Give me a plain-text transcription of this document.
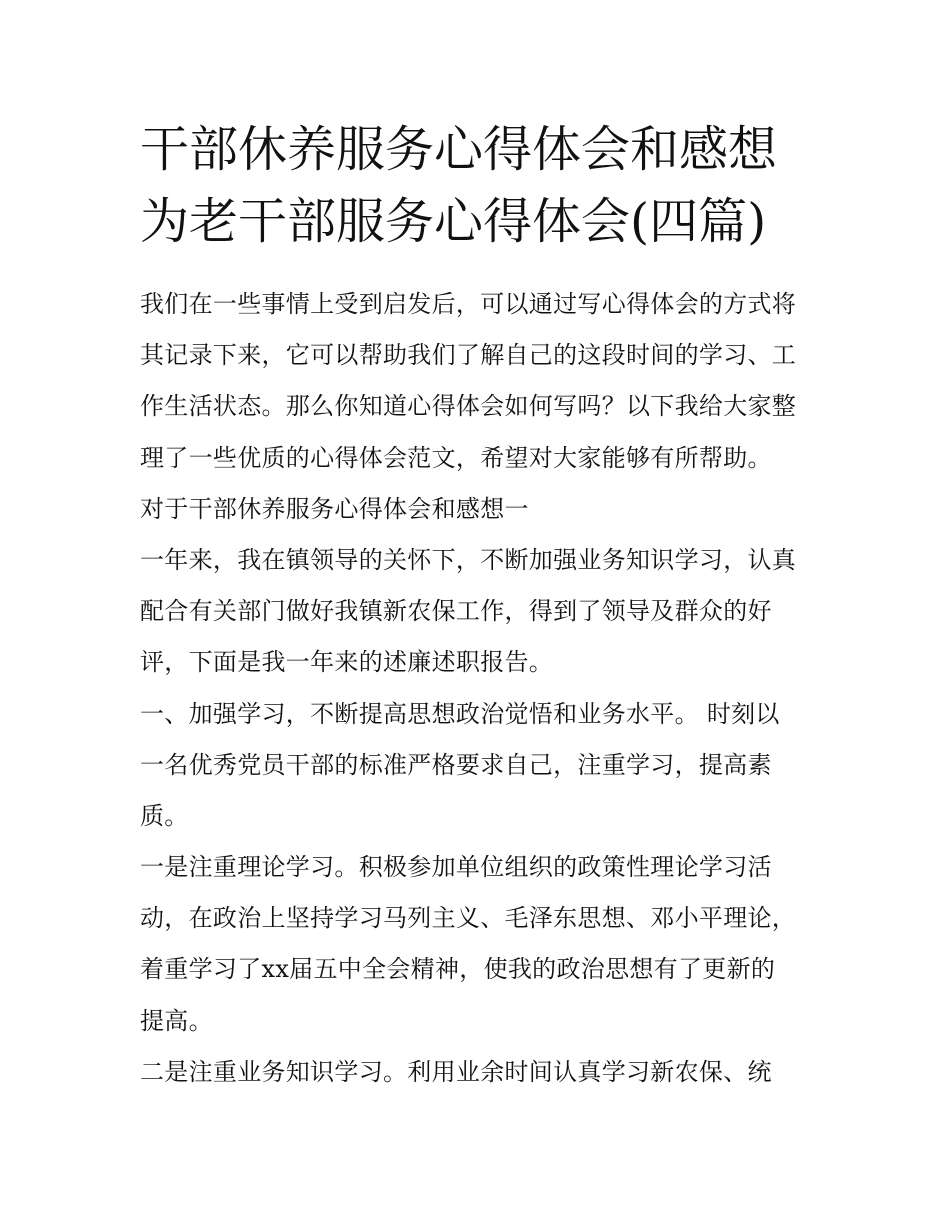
干部休养服务心得体会和感想
为老干部服务心得体会(四篇)
我们在一些事情上受到启发后，可以通过写心得体会的方式将
其记录下来，它可以帮助我们了解自己的这段时间的学习、工
作生活状态。那么你知道心得体会如何写吗？以下我给大家整
理了一些优质的心得体会范文，希望对大家能够有所帮助。
对于干部休养服务心得体会和感想一
一年来，我在镇领导的关怀下，不断加强业务知识学习，认真
配合有关部门做好我镇新农保工作，得到了领导及群众的好
评，下面是我一年来的述廉述职报告。
一、加强学习，不断提高思想政治觉悟和业务水平。 时刻以
一名优秀党员干部的标准严格要求自己，注重学习，提高素
质。
一是注重理论学习。积极参加单位组织的政策性理论学习活
动，在政治上坚持学习马列主义、毛泽东思想、邓小平理论，
着重学习了xx届五中全会精神，使我的政治思想有了更新的
提高。
二是注重业务知识学习。利用业余时间认真学习新农保、统
